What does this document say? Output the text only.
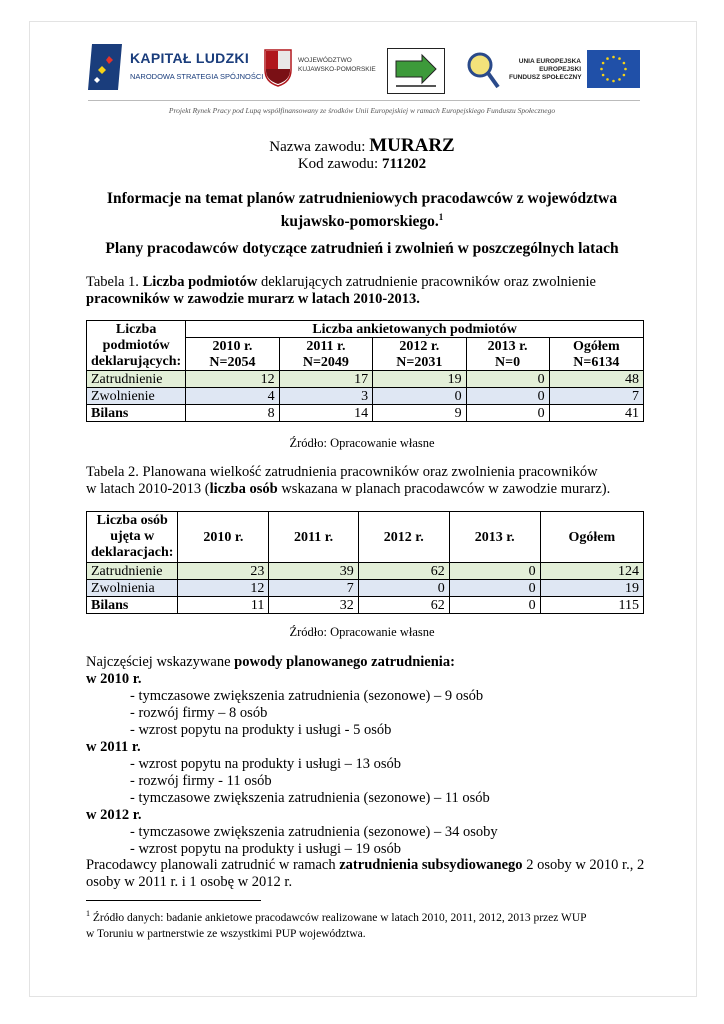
KAPITAŁ LUDZKI
NARODOWA STRATEGIA SPÓJNOŚCI
WOJEWÓDZTWO
KUJAWSKO-POMORSKIE
UNIA EUROPEJSKA
EUROPEJSKI
FUNDUSZ SPOŁECZNY
Projekt Rynek Pracy pod Lupą współfinansowany ze środków Unii Europejskiej w ramach Europejskiego Funduszu Społecznego
Nazwa zawodu: MURARZ
Kod zawodu: 711202
Informacje na temat planów zatrudnieniowych pracodawców z województwa
kujawsko-pomorskiego.$^1$
Plany pracodawców dotyczące zatrudnień i zwolnień w poszczególnych latach
Tabela 1. Liczba podmiotów deklarujących zatrudnienie pracowników oraz zwolnienie
pracowników w zawodzie murarz w latach 2010-2013.
Liczba
podmiotów
deklarujących:	Liczba ankietowanych podmiotów				
	2010 r.	2011 r.	2012 r.	2013 r.	Ogółem
	N=2054	N=2049	N=2031	N=0	N=6134
Zatrudnienie	12	17	19	0	48
Zwolnienie	4	3	0	0	7
Bilans	8	14	9	0	41
Źródło: Opracowanie własne
Tabela 2. Planowana wielkość zatrudnienia pracowników oraz zwolnienia pracowników
w latach 2010-2013 (liczba osób wskazana w planach pracodawców w zawodzie murarz).
Liczba osób
ujęta w
deklaracjach:	2010 r.	2011 r.	2012 r.	2013 r.	Ogółem
Zatrudnienie	23	39	62	0	124
Zwolnienia	12	7	0	0	19
Bilans	11	32	62	0	115
Źródło: Opracowanie własne
Najczęściej wskazywane powody planowanego zatrudnienia:
w 2010 r.
- tymczasowe zwiększenia zatrudnienia (sezonowe) – 9 osób
- rozwój firmy – 8 osób
- wzrost popytu na produkty i usługi - 5 osób
w 2011 r.
- wzrost popytu na produkty i usługi – 13 osób
- rozwój firmy - 11 osób
- tymczasowe zwiększenia zatrudnienia (sezonowe) – 11 osób
w 2012 r.
- tymczasowe zwiększenia zatrudnienia (sezonowe) – 34 osoby
- wzrost popytu na produkty i usługi – 19 osób
Pracodawcy planowali zatrudnić w ramach zatrudnienia subsydiowanego 2 osoby w 2010 r., 2
osoby w 2011 r. i 1 osobę w 2012 r.
$^1$ Źródło danych: badanie ankietowe pracodawców realizowane w latach 2010, 2011, 2012, 2013 przez WUP
w Toruniu w partnerstwie ze wszystkimi PUP województwa.
